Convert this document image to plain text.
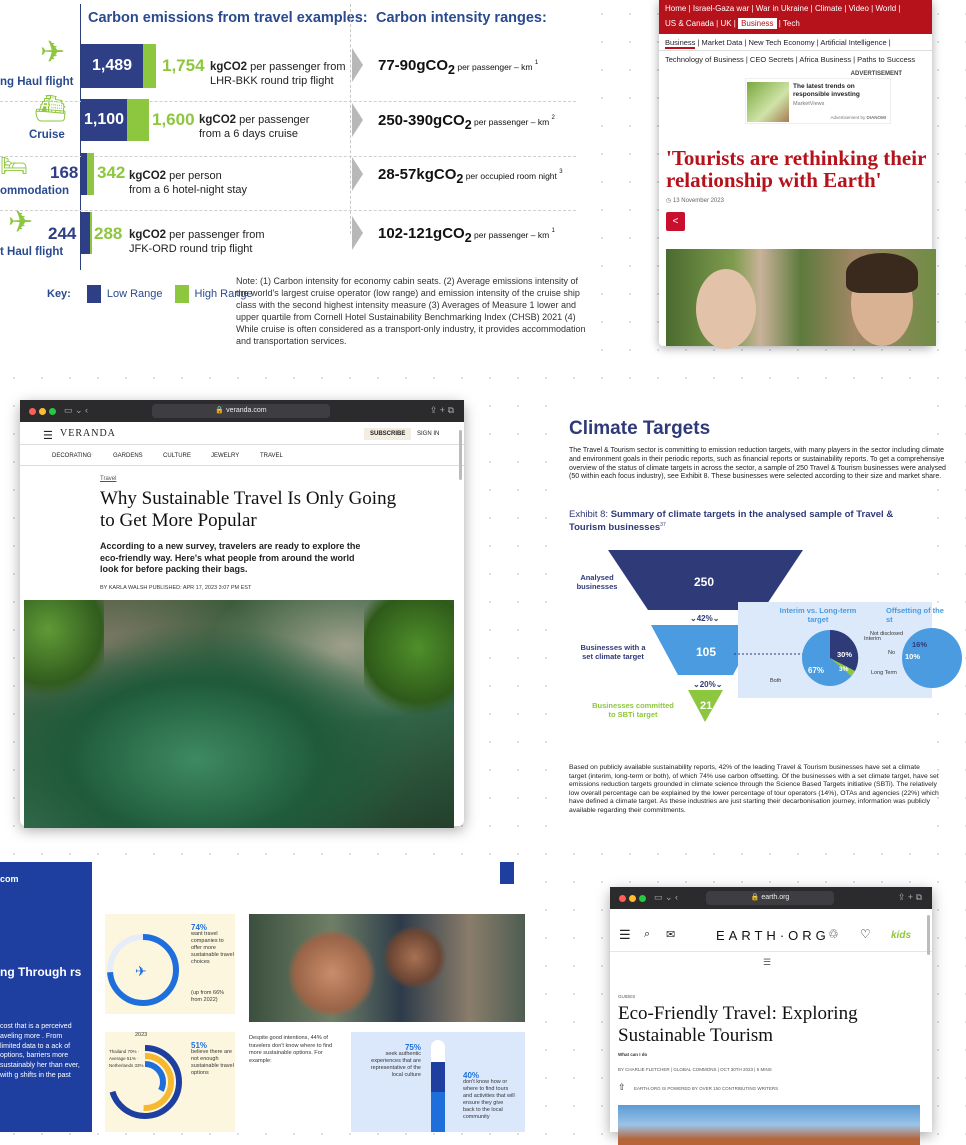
Carbon emissions from travel examples: Carbon intensity ranges:
✈
ng Haul flight
1,489	1,754 kgCO2 per passenger from
LHR-BKK round trip flight
77-90gCO$_2$ per passenger – km $^1$
⛴
Cruise
1,100 1,600 kgCO2 per passenger
from a 6 days cruise
250-390gCO$_2$ per passenger – km $^2$
🛏
ommodation
168 342 kgCO2 per person
from a 6 hotel-night stay
28-57kgCO$_2$ per occupied room night $^3$
✈
t Haul flight
244 288 kgCO2 per passenger from
JFK-ORD round trip flight
102-121gCO$_2$ per passenger – km $^1$
Key:	Low Range	High Range
Note: (1) Carbon intensity for economy cabin seats. (2) Average emissions intensity of the world's largest cruise operator (low range) and emission intensity of the cruise ship class with the second highest intensity measure (3) Averages of Measure 1 lower and upper quartile from Cornell Hotel Sustainability Benchmarking Index (CHSB) 2021 (4) While cruise is often considered as a transport-only industry, it provides accommodation and transportation services.
Home | Israel-Gaza war | War in Ukraine | Climate | Video | World |
US & Canada | UK | Business | Tech
Business | Market Data | New Tech Economy | Artificial Intelligence |
Technology of Business | CEO Secrets | Africa Business | Paths to Success
ADVERTISEMENT
The latest trends on responsible investing
MarketViews
Advertisement by DIANOMI
'Tourists are rethinking their relationship with Earth'
◷ 13 November 2023
<
▭ ⌄ ‹	🔒 veranda.com	⇪ + ⧉
☰ VERANDA	SUBSCRIBE	SIGN IN
DECORATING	GARDENS	CULTURE	JEWELRY	TRAVEL
Travel
Why Sustainable Travel Is Only Going to Get More Popular
According to a new survey, travelers are ready to explore the eco-friendly way. Here's what people from around the world look for before packing their bags.
BY KARLA WALSH PUBLISHED: APR 17, 2023 3:07 PM EST
Climate Targets
The Travel & Tourism sector is committing to emission reduction targets, with many players in the sector including climate and environment goals in their periodic reports, such as financial reports or sustainability reports. To get a comprehensive overview of the status of climate targets in across the sector, a sample of 250 Travel & Tourism businesses were analysed (50 within each focus industry), see Exhibit 8. These businesses were selected according to their size and market share.
Exhibit 8: Summary of climate targets in the analysed sample of Travel & Tourism businesses$^{37}$
Analysed businesses	250
⌄42%⌄
Businesses with a set climate target	105
⌄20%⌄
Businesses committed to SBTi target
21
Interim vs. Long-term target
Interim
Both
Long Term
67%
30%
3%
Offsetting of the st
Not disclosed
No
16%
10%
Based on publicly available sustainability reports, 42% of the leading Travel & Tourism businesses have set a climate target (interim, long-term or both), of which 74% use carbon offsetting. Of the businesses with a set climate target, have set emissions reduction targets grounded in climate science through the Science Based Targets initiative (SBTi). The relatively low overall percentage can be explained by the lower percentage of tour operators (14%), OTAs and agencies (22%) which have defined a climate target. As these industries are just starting their decarbonisation journey, information was publicly available regarding their commitments.
com
ng Through rs
cost that is a perceived aveling more . From limited data to a ack of options, barriers more sustainably her than ever, with g shifts in the past
✈
74%
want travel companies to offer more sustainable travel choices
(up from 66% from 2022)
2023
Thailand 70% · Average 51% · Netherlands 33%
51%
believe there are not enough sustainable travel options
Despite good intentions, 44% of travelers don't know where to find more sustainable options. For example:
75%
seek authentic experiences that are representative of the local culture	40%
don't know how or where to find tours and activities that will ensure they give back to the local community
▭ ⌄ ‹	🔒 earth.org	⇪ + ⧉
☰ ⌕ ✉	EARTH·ORG
♲ ♡ kids
☰
GUIDES
Eco-Friendly Travel: Exploring Sustainable Tourism
What can I do
BY CHARLIE FLETCHER | GLOBAL COMMONS | OCT 30TH 2023 | 5 MINS
⇧ EARTH.ORG IS POWERED BY OVER 150 CONTRIBUTING WRITERS
